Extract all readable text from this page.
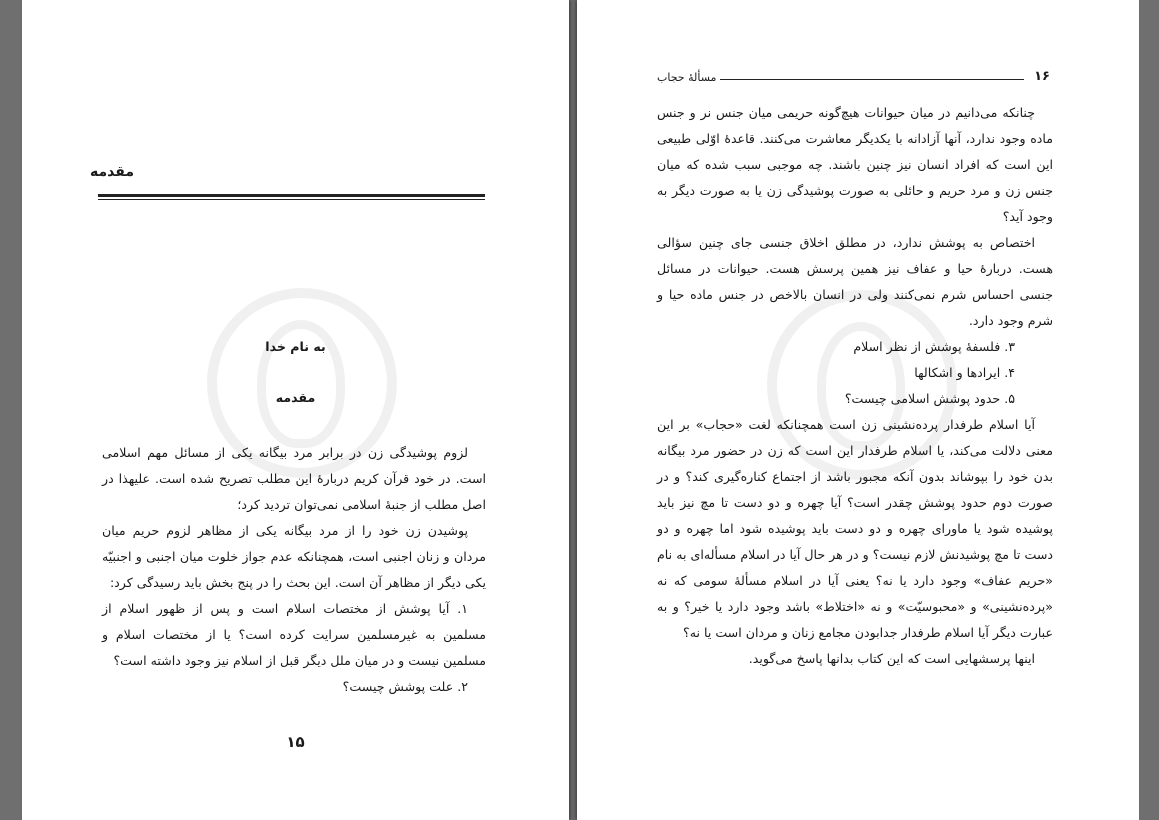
مقدمه
به نام خدا
مقدمه

لزوم پوشیدگی زن در برابر مرد بیگانه یکی از مسائل مهم اسلامی است. در خود قرآن کریم دربارهٔ این مطلب تصریح شده است. علیهذا در اصل مطلب از جنبهٔ اسلامی نمی‌توان تردید کرد؛

پوشیدن زن خود را از مرد بیگانه یکی از مظاهر لزوم حریم میان مردان و زنان اجنبی است، همچنانکه عدم جواز خلوت میان اجنبی و اجنبیّه یکی دیگر از مظاهر آن است. این بحث را در پنج بخش باید رسیدگی کرد:

۱. آیا پوشش از مختصات اسلام است و پس از ظهور اسلام از مسلمین به غیرمسلمین سرایت کرده است؟ یا از مختصات اسلام و مسلمین نیست و در میان ملل دیگر قبل از اسلام نیز وجود داشته است؟

۲. علت پوشش چیست؟

۱۵
۱۶
مسألهٔ حجاب

چنانکه می‌دانیم در میان حیوانات هیچ‌گونه حریمی میان جنس نر و جنس ماده وجود ندارد، آنها آزادانه با یکدیگر معاشرت می‌کنند. قاعدهٔ اوّلی طبیعی این است که افراد انسان نیز چنین باشند. چه موجبی سبب شده که میان جنس زن و مرد حریم و حائلی به صورت پوشیدگی زن یا به صورت دیگر به وجود آید؟

اختصاص به پوشش ندارد، در مطلق اخلاق جنسی جای چنین سؤالی هست. دربارهٔ حیا و عفاف نیز همین پرسش هست. حیوانات در مسائل جنسی احساس شرم نمی‌کنند ولی در انسان بالاخص در جنس ماده حیا و شرم وجود دارد.

۳. فلسفهٔ پوشش از نظر اسلام

۴. ایرادها و اشکالها

۵. حدود پوشش اسلامی چیست؟

آیا اسلام طرفدار پرده‌نشینی زن است همچنانکه لغت «حجاب» بر این معنی دلالت می‌کند، یا اسلام طرفدار این است که زن در حضور مرد بیگانه بدن خود را بپوشاند بدون آنکه مجبور باشد از اجتماع کناره‌گیری کند؟ و در صورت دوم حدود پوشش چقدر است؟ آیا چهره و دو دست تا مچ نیز باید پوشیده شود یا ماورای چهره و دو دست باید پوشیده شود اما چهره و دو دست تا مچ پوشیدنش لازم نیست؟ و در هر حال آیا در اسلام مسأله‌ای به نام «حریم عفاف» وجود دارد یا نه؟ یعنی آیا در اسلام مسألهٔ سومی که نه «پرده‌نشینی» و «محبوسیّت» و نه «اختلاط» باشد وجود دارد یا خیر؟ و به عبارت دیگر آیا اسلام طرفدار جدابودن مجامع زنان و مردان است یا نه؟

اینها پرسشهایی است که این کتاب بدانها پاسخ می‌گوید.
